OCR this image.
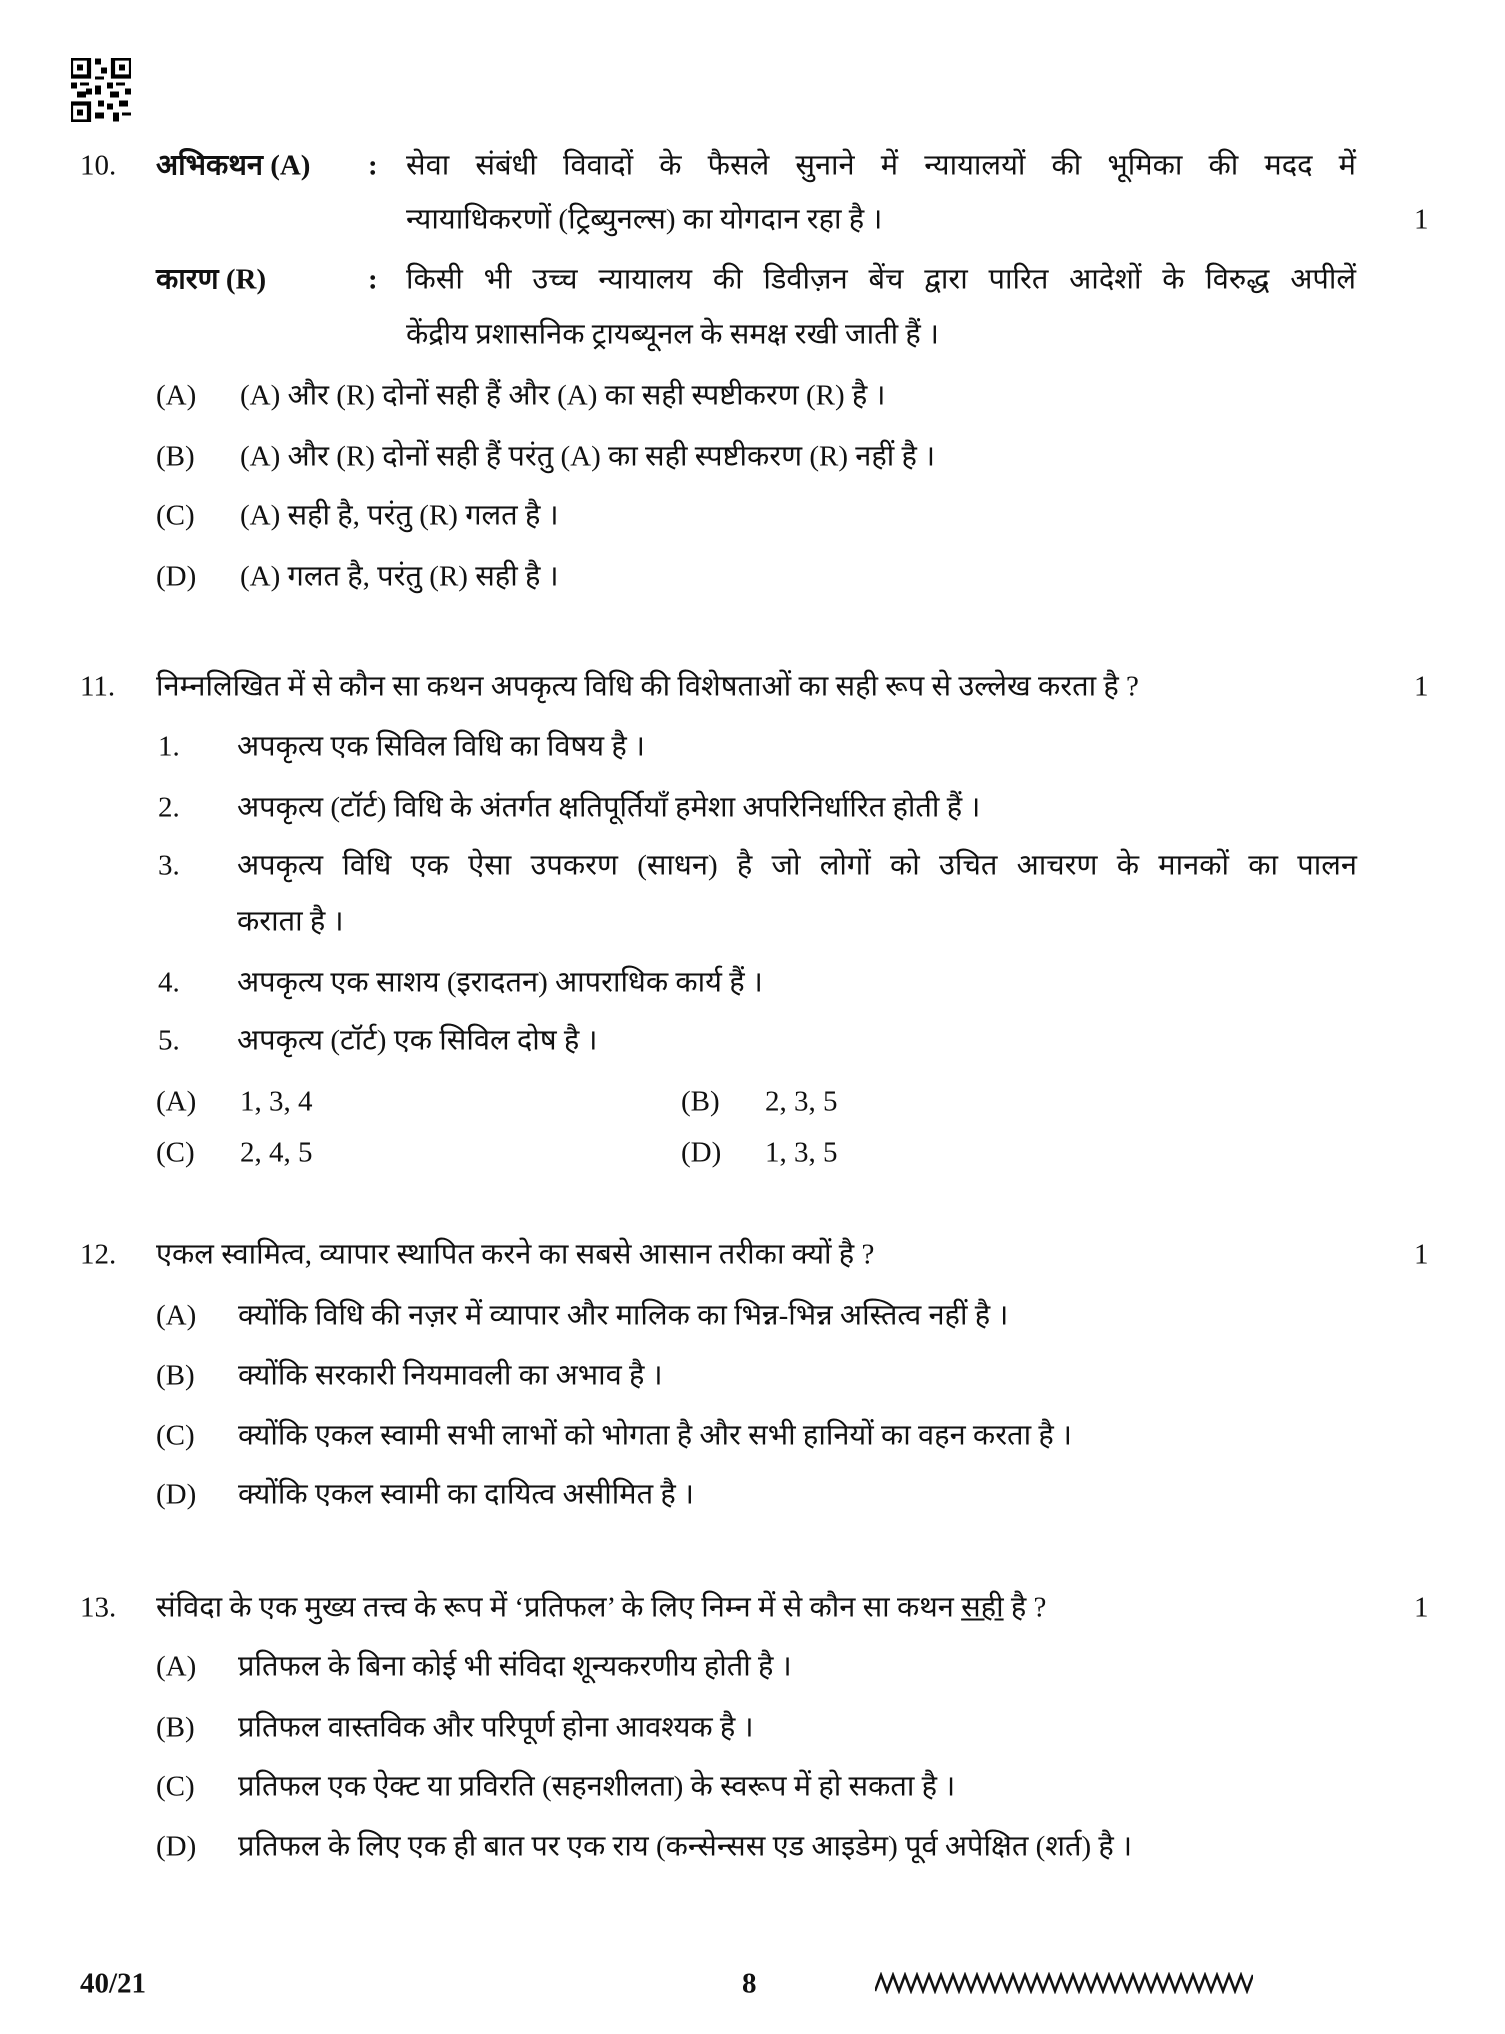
10. अभिकथन (A) : सेवा संबंधी विवादों के फैसले सुनाने में न्यायालयों की भूमिका की मदद में
न्यायाधिकरणों (ट्रिब्युनल्स) का योगदान रहा है ।	1
कारण (R)	: किसी भी उच्च न्यायालय की डिवीज़न बेंच द्वारा पारित आदेशों के विरुद्ध अपीलें
केंद्रीय प्रशासनिक ट्रायब्यूनल के समक्ष रखी जाती हैं ।
(A) (A) और (R) दोनों सही हैं और (A) का सही स्पष्टीकरण (R) है ।
(B) (A) और (R) दोनों सही हैं परंतु (A) का सही स्पष्टीकरण (R) नहीं है ।
(C) (A) सही है, परंतु (R) गलत है ।
(D) (A) गलत है, परंतु (R) सही है ।
11. निम्नलिखित में से कौन सा कथन अपकृत्य विधि की विशेषताओं का सही रूप से उल्लेख करता है ?	1
1. अपकृत्य एक सिविल विधि का विषय है ।
2. अपकृत्य (टॉर्ट) विधि के अंतर्गत क्षतिपूर्तियाँ हमेशा अपरिनिर्धारित होती हैं ।
3. अपकृत्य विधि एक ऐसा उपकरण (साधन) है जो लोगों को उचित आचरण के मानकों का पालन
कराता है ।
4. अपकृत्य एक साशय (इरादतन) आपराधिक कार्य हैं ।
5. अपकृत्य (टॉर्ट) एक सिविल दोष है ।
(A) 1, 3, 4	(B) 2, 3, 5
(C) 2, 4, 5	(D) 1, 3, 5
12. एकल स्वामित्व, व्यापार स्थापित करने का सबसे आसान तरीका क्यों है ?	1
(A) क्योंकि विधि की नज़र में व्यापार और मालिक का भिन्न-भिन्न अस्तित्व नहीं है ।
(B) क्योंकि सरकारी नियमावली का अभाव है ।
(C) क्योंकि एकल स्वामी सभी लाभों को भोगता है और सभी हानियों का वहन करता है ।
(D) क्योंकि एकल स्वामी का दायित्व असीमित है ।
13. संविदा के एक मुख्य तत्त्व के रूप में ‘प्रतिफल’ के लिए निम्न में से कौन सा कथन सही है ?	1
(A) प्रतिफल के बिना कोई भी संविदा शून्यकरणीय होती है ।
(B) प्रतिफल वास्तविक और परिपूर्ण होना आवश्यक है ।
(C) प्रतिफल एक ऐक्ट या प्रविरति (सहनशीलता) के स्वरूप में हो सकता है ।
(D) प्रतिफल के लिए एक ही बात पर एक राय (कन्सेन्सस एड आइडेम) पूर्व अपेक्षित (शर्त) है ।
40/21	8
